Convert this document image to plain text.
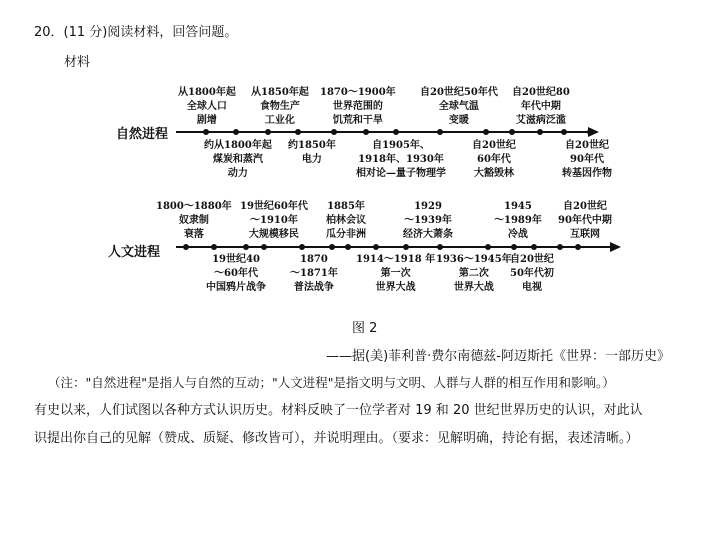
20．(11 分)阅读材料，回答问题。
材料
自然进程
人文进程
从1800年起
全球人口
剧增
从1850年起
食物生产
工业化
1870～1900年
世界范围的
饥荒和干旱
自20世纪50年代
全球气温
变暖
自20世纪80
年代中期
艾滋病泛滥
约从1800年起
煤炭和蒸汽
动力
约1850年
电力
自1905年、
1918年、1930年
相对论—量子物理学
自20世纪
60年代
大豁毁林
自20世纪
90年代
转基因作物
1800～1880年
奴隶制
衰落
19世纪60年代
～1910年
大规模移民
1885年
柏林会议
瓜分非洲
1929
～1939年
经济大萧条
1945
～1989年
冷战
自20世纪
90年代中期
互联网
19世纪40
～60年代
中国鸦片战争
1870
～1871年
普法战争
1914～1918 年
第一次
世界大战
1936～1945年
第二次
世界大战
自20世纪
50年代初
电视
图 2
——据(美)菲利普·费尔南德兹-阿迈斯托《世界：一部历史》
（注："自然进程"是指人与自然的互动；"人文进程"是指文明与文明、人群与人群的相互作用和影响。）
有史以来，人们试图以各种方式认识历史。材料反映了一位学者对 19 和 20 世纪世界历史的认识，对此认
识提出你自己的见解（赞成、质疑、修改皆可），并说明理由。（要求：见解明确，持论有据，表述清晰。）
